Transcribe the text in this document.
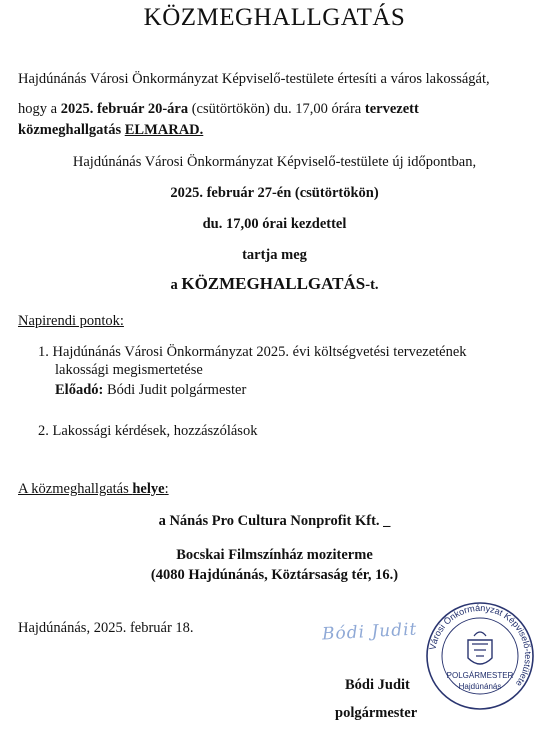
KÖZMEGHALLGATÁS
Hajdúnánás Városi Önkormányzat Képviselő-testülete értesíti a város lakosságát,
hogy a 2025. február 20-ára (csütörtökön) du. 17,00 órára tervezett
közmeghallgatás ELMARAD.
Hajdúnánás Városi Önkormányzat Képviselő-testülete új időpontban,
2025. február 27-én (csütörtökön)
du. 17,00 órai kezdettel
tartja meg
a KÖZMEGHALLGATÁS-t.
Napirendi pontok:
1. Hajdúnánás Városi Önkormányzat 2025. évi költségvetési tervezetének
lakossági megismertetése
Előadó: Bódi Judit polgármester
2. Lakossági kérdések, hozzászólások
A közmeghallgatás helye:
a Nánás Pro Cultura Nonprofit Kft. _
Bocskai Filmszínház moziterme
(4080 Hajdúnánás, Köztársaság tér, 16.)
Hajdúnánás, 2025. február 18.	Bódi Judit
Városi Önkormányzat Képviselő-testülete
POLGÁRMESTER
Hajdúnánás
Bódi Judit
polgármester
